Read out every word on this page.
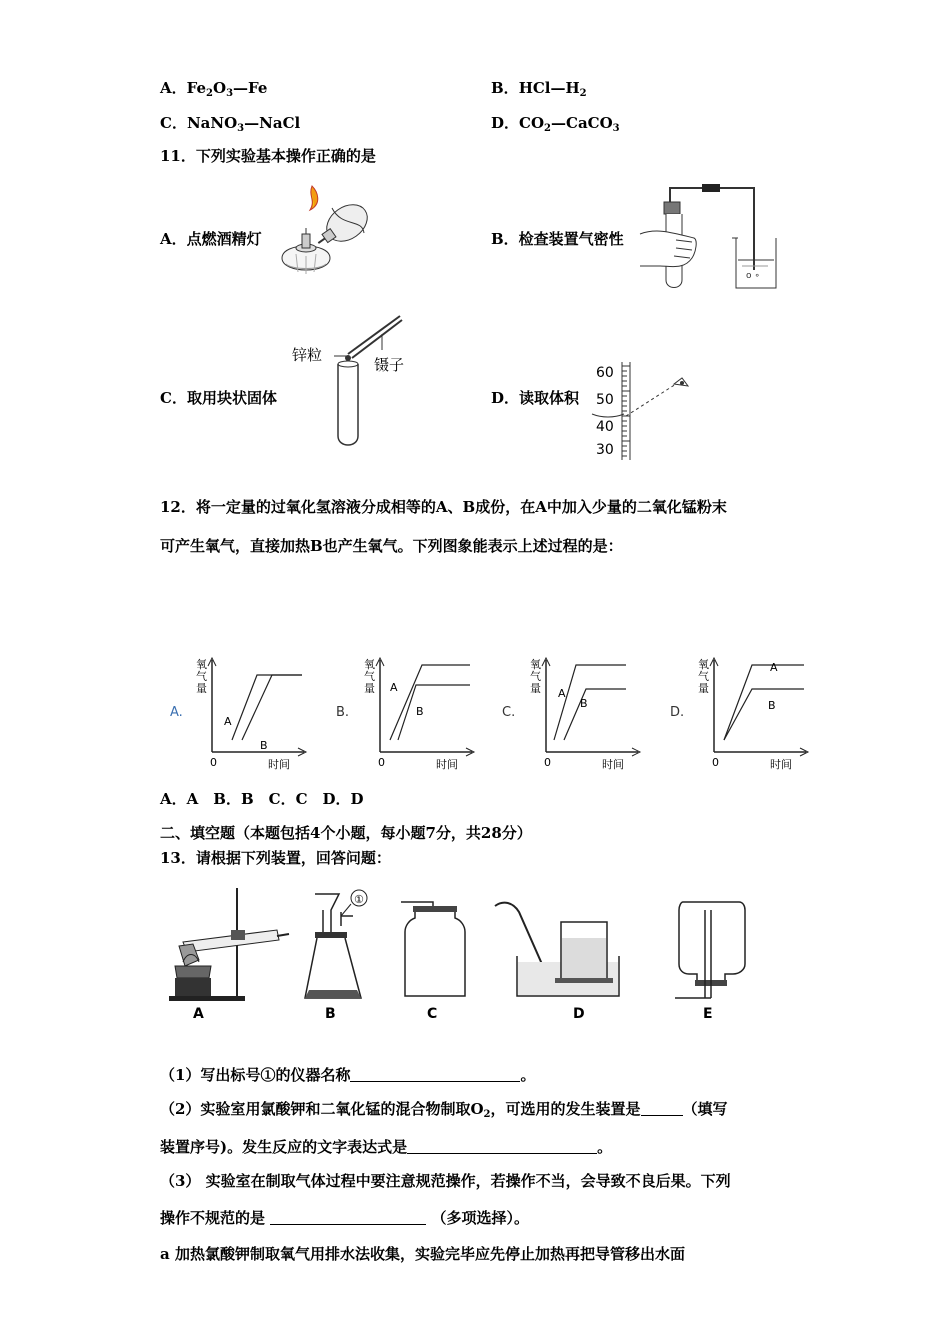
A．$Fe_2O_3—Fe$	B．$HCl—H_2$
C．NaNO$_3$—NaCl	D．$CO_2—CaCO_3$
11．下列实验基本操作正确的是
A．点燃酒精灯	B．检查装置气密性
C．取用块状固体	D．读取体积
o ∘
锌粒
镊子	60
50
40
30
12．将一定量的过氧化氢溶液分成相等的A、B成份，在A中加入少量的二氧化锰粉末
可产生氧气，直接加热B也产生氧气。下列图象能表示上述过程的是：
A.
氧
气
量
0	时间
A
B
B.
氧
气
量
0	时间
A
B	C.
氧
气
量
0	时间
A
B
D.
氧
气
量
0	时间
A
B
A．A　B．B　C．C　D．D
二、填空题（本题包括4个小题，每小题7分，共28分）
13．请根据下列装置，回答问题：
A
①
B	C	D	E
（1）写出标号①的仪器名称	。
（2）实验室用氯酸钾和二氧化锰的混合物制取$O_2$，可选用的发生装置是	（填写
装置序号)。发生反应的文字表达式是	。
（3） 实验室在制取气体过程中要注意规范操作，若操作不当，会导致不良后果。下列
操作不规范的是	（多项选择）。
a 加热氯酸钾制取氧气用排水法收集，实验完毕应先停止加热再把导管移出水面
